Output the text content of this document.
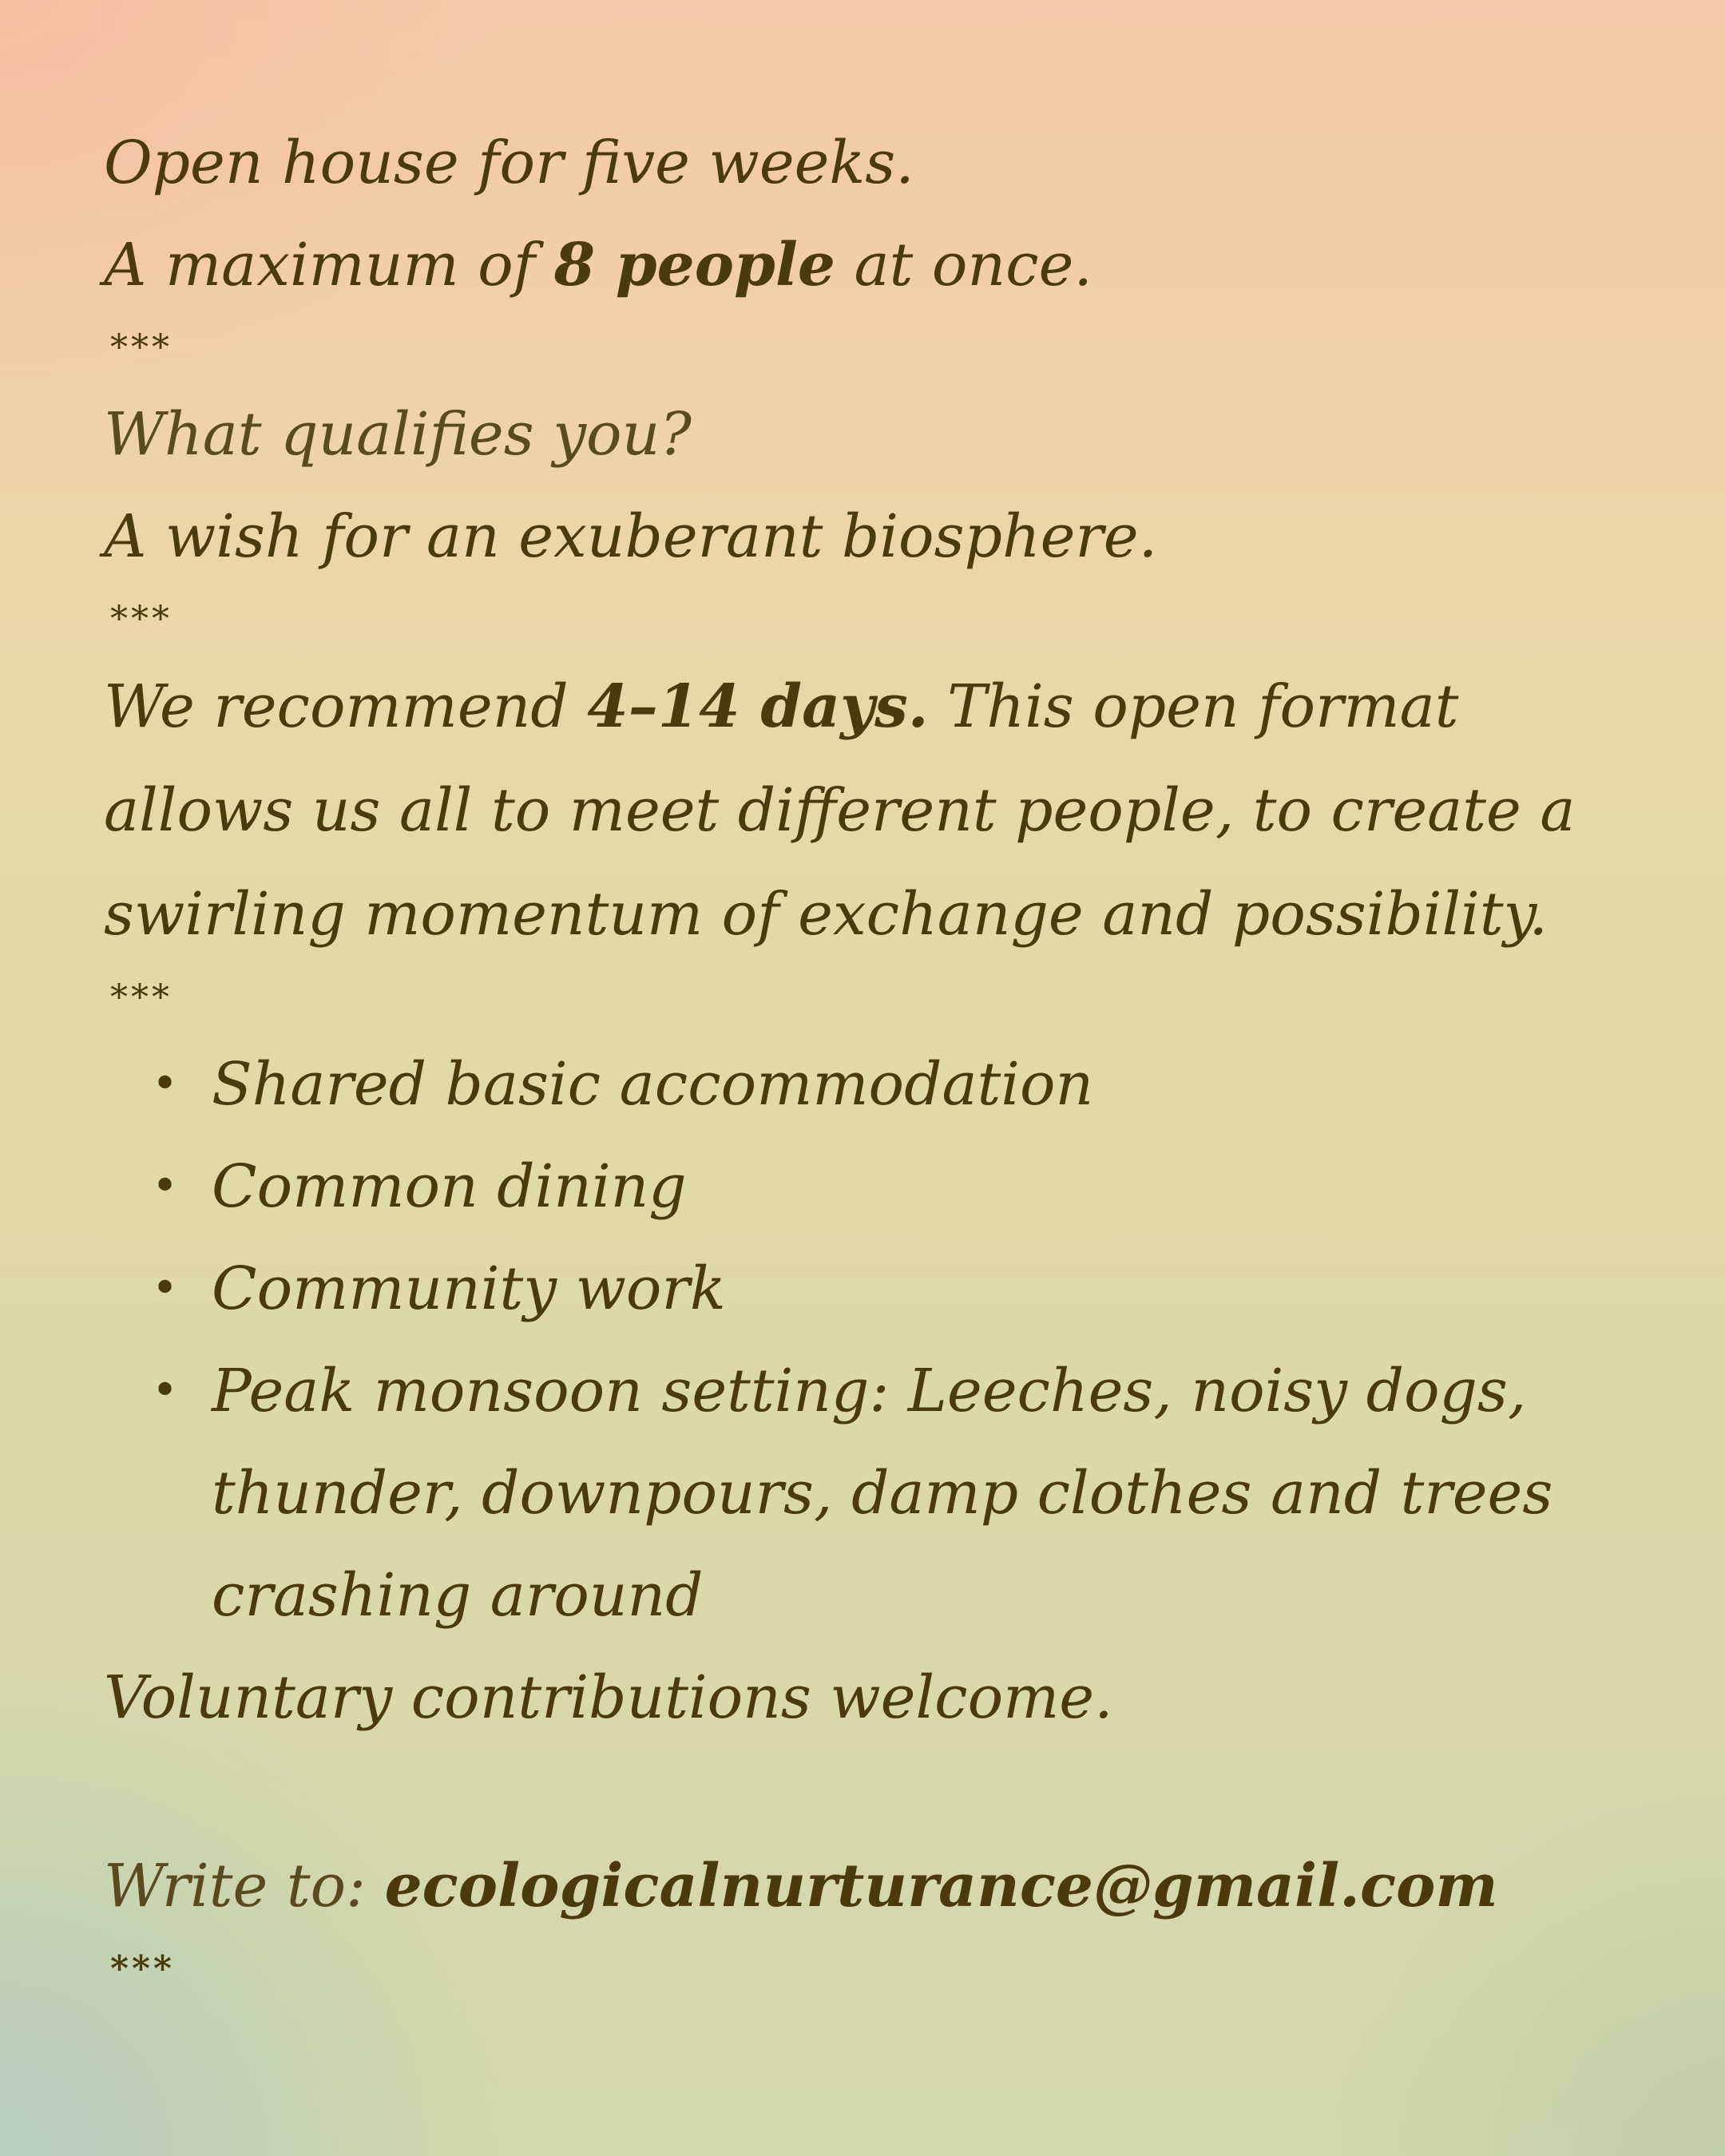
Open house for five weeks.

A maximum of 8 people at once.

***

What qualifies you?

A wish for an exuberant biosphere.

***

We recommend 4–14 days. This open format allows us all to meet different people, to create a swirling momentum of exchange and possibility.

***

• Shared basic accommodation
• Common dining
• Community work
• Peak monsoon setting: Leeches, noisy dogs, thunder, downpours, damp clothes and trees crashing around

Voluntary contributions welcome.

Write to: ecologicalnurturance@gmail.com

***
